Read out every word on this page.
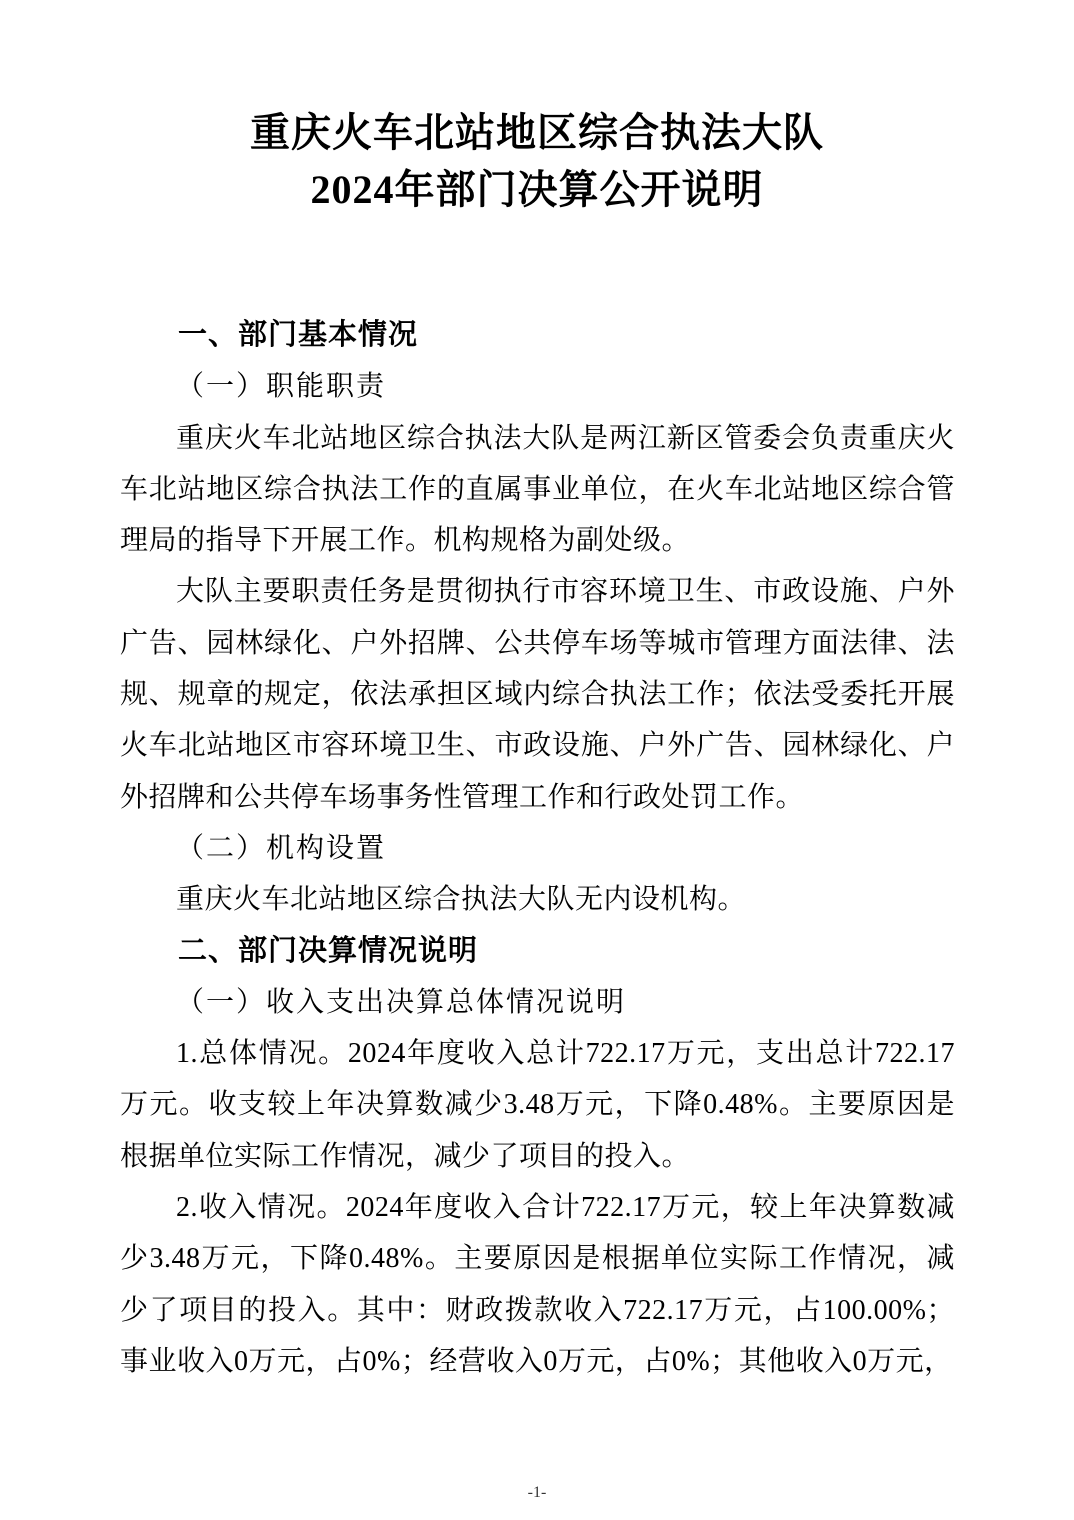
重庆火车北站地区综合执法大队
2024年部门决算公开说明
一、部门基本情况
（一）职能职责

重庆火车北站地区综合执法大队是两江新区管委会负责重庆火车北站地区综合执法工作的直属事业单位，在火车北站地区综合管理局的指导下开展工作。机构规格为副处级。

大队主要职责任务是贯彻执行市容环境卫生、市政设施、户外广告、园林绿化、户外招牌、公共停车场等城市管理方面法律、法规、规章的规定，依法承担区域内综合执法工作；依法受委托开展火车北站地区市容环境卫生、市政设施、户外广告、园林绿化、户外招牌和公共停车场事务性管理工作和行政处罚工作。

（二）机构设置

重庆火车北站地区综合执法大队无内设机构。

二、部门决算情况说明
（一）收入支出决算总体情况说明

1.总体情况。2024年度收入总计722.17万元，支出总计722.17万元。收支较上年决算数减少3.48万元，下降0.48%。主要原因是根据单位实际工作情况，减少了项目的投入。

2.收入情况。2024年度收入合计722.17万元，较上年决算数减少3.48万元，下降0.48%。主要原因是根据单位实际工作情况，减少了项目的投入。其中：财政拨款收入722.17万元，占100.00%；事业收入0万元，占0%；经营收入0万元，占0%；其他收入0万元，

-1-
